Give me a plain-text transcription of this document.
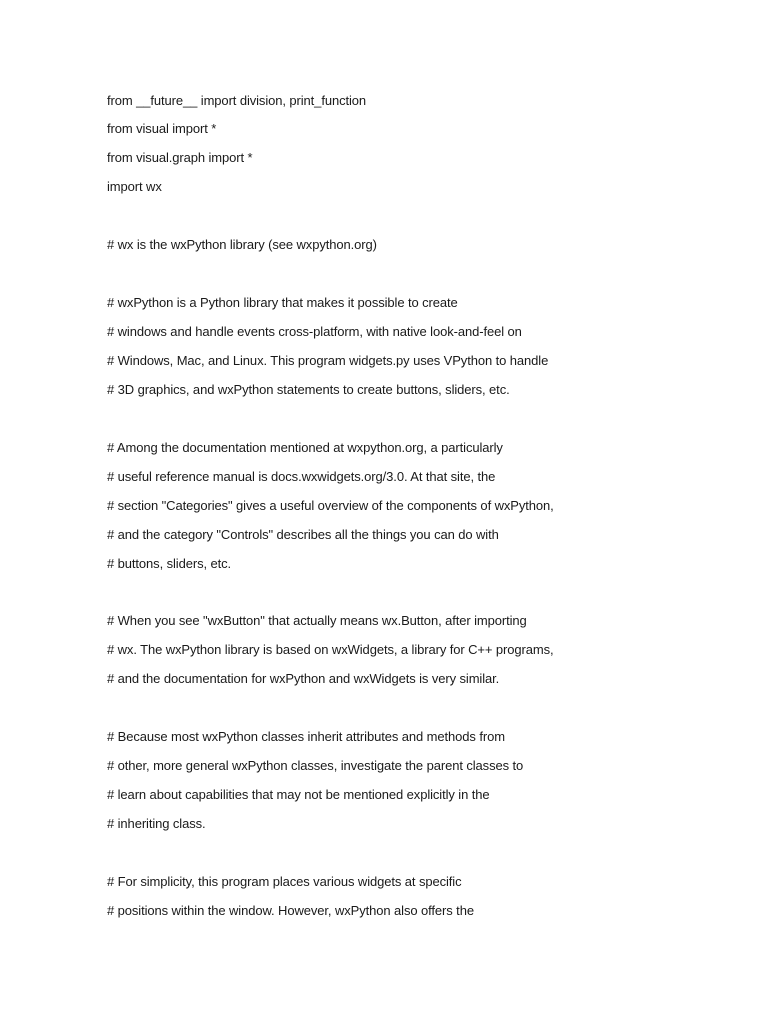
from __future__ import division, print_function
from visual import *
from visual.graph import *
import wx
# wx is the wxPython library (see wxpython.org)
# wxPython is a Python library that makes it possible to create
# windows and handle events cross-platform, with native look-and-feel on
# Windows, Mac, and Linux. This program widgets.py uses VPython to handle
# 3D graphics, and wxPython statements to create buttons, sliders, etc.
# Among the documentation mentioned at wxpython.org, a particularly
# useful reference manual is docs.wxwidgets.org/3.0. At that site, the
# section "Categories" gives a useful overview of the components of wxPython,
# and the category "Controls" describes all the things you can do with
# buttons, sliders, etc.
# When you see "wxButton" that actually means wx.Button, after importing
# wx. The wxPython library is based on wxWidgets, a library for C++ programs,
# and the documentation for wxPython and wxWidgets is very similar.
# Because most wxPython classes inherit attributes and methods from
# other, more general wxPython classes, investigate the parent classes to
# learn about capabilities that may not be mentioned explicitly in the
# inheriting class.
# For simplicity, this program places various widgets at specific
# positions within the window. However, wxPython also offers the
